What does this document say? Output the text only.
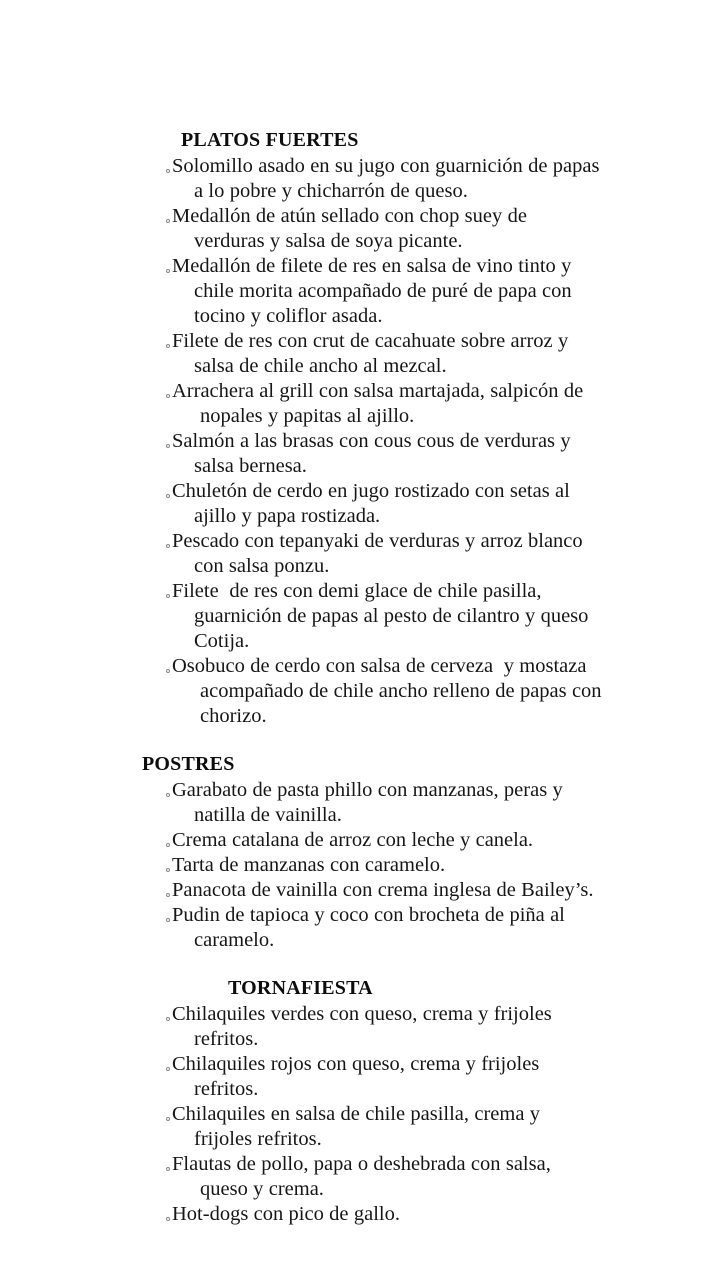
PLATOS FUERTES
Solomillo asado en su jugo con guarnición de papas
a lo pobre y chicharrón de queso.
Medallón de atún sellado con chop suey de
verduras y salsa de soya picante.
Medallón de filete de res en salsa de vino tinto y
chile morita acompañado de puré de papa con
tocino y coliflor asada.
Filete de res con crut de cacahuate sobre arroz y
salsa de chile ancho al mezcal.
Arrachera al grill con salsa martajada, salpicón de
nopales y papitas al ajillo.
Salmón a las brasas con cous cous de verduras y
salsa bernesa.
Chuletón de cerdo en jugo rostizado con setas al
ajillo y papa rostizada.
Pescado con tepanyaki de verduras y arroz blanco
con salsa ponzu.
Filete  de res con demi glace de chile pasilla,
guarnición de papas al pesto de cilantro y queso
Cotija.
Osobuco de cerdo con salsa de cerveza  y mostaza
acompañado de chile ancho relleno de papas con
chorizo.
POSTRES
Garabato de pasta phillo con manzanas, peras y
natilla de vainilla.
Crema catalana de arroz con leche y canela.
Tarta de manzanas con caramelo.
Panacota de vainilla con crema inglesa de Bailey’s.
Pudin de tapioca y coco con brocheta de piña al
caramelo.
TORNAFIESTA
Chilaquiles verdes con queso, crema y frijoles
refritos.
Chilaquiles rojos con queso, crema y frijoles
refritos.
Chilaquiles en salsa de chile pasilla, crema y
frijoles refritos.
Flautas de pollo, papa o deshebrada con salsa,
queso y crema.
Hot-dogs con pico de gallo.
